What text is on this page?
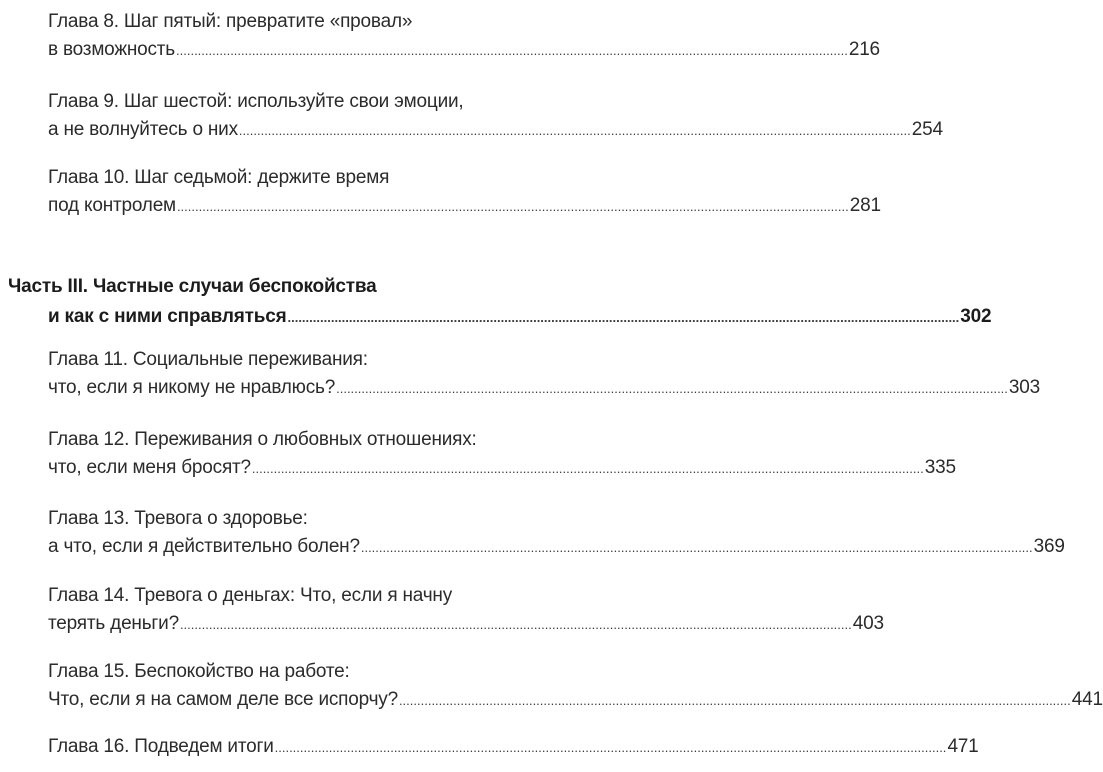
Глава 8. Шаг пятый: превратите «провал»
в возможность .......................................................................................................................................................................................... 216
Глава 9. Шаг шестой: используйте свои эмоции,
а не волнуйтесь о них .......................................................................................................................................................................................... 254
Глава 10. Шаг седьмой: держите время
под контролем .......................................................................................................................................................................................... 281
Часть III. Частные случаи беспокойства
и как с ними справляться .......................................................................................................................................................................................... 302
Глава 11. Социальные переживания:
что, если я никому не нравлюсь? .......................................................................................................................................................................................... 303
Глава 12. Переживания о любовных отношениях:
что, если меня бросят? .......................................................................................................................................................................................... 335
Глава 13. Тревога о здоровье:
а что, если я действительно болен? .......................................................................................................................................................................................... 369
Глава 14. Тревога о деньгах: Что, если я начну
терять деньги? .......................................................................................................................................................................................... 403
Глава 15. Беспокойство на работе:
Что, если я на самом деле все испорчу? .......................................................................................................................................................................................... 441
Глава 16. Подведем итоги .......................................................................................................................................................................................... 471
